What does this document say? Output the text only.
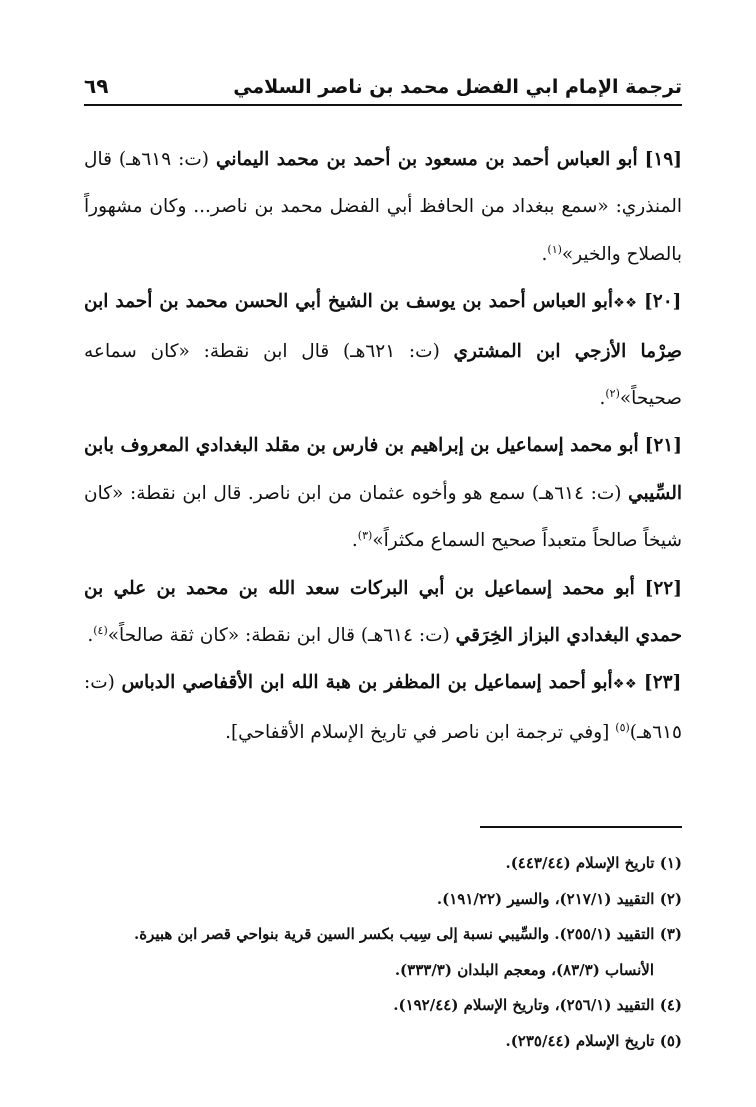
ترجمة الإمام ابي الفضل محمد بن ناصر السلامي
٦٩

[١٩] أبو العباس أحمد بن مسعود بن أحمد بن محمد اليماني (ت: ٦١٩هـ) قال المنذري: «سمع ببغداد من الحافظ أبي الفضل محمد بن ناصر... وكان مشهوراً بالصلاح والخير»$^{(١)}$.

[٢٠] ❖❖أبو العباس أحمد بن يوسف بن الشيخ أبي الحسن محمد بن أحمد ابن صِرْما الأزجي ابن المشتري (ت: ٦٢١هـ) قال ابن نقطة: «كان سماعه صحيحاً»$^{(٢)}$.

[٢١] أبو محمد إسماعيل بن إبراهيم بن فارس بن مقلد البغدادي المعروف بابن السِّيبي (ت: ٦١٤هـ) سمع هو وأخوه عثمان من ابن ناصر. قال ابن نقطة: «كان شيخاً صالحاً متعبداً صحيح السماع مكثراً»$^{(٣)}$.

[٢٢] أبو محمد إسماعيل بن أبي البركات سعد الله بن محمد بن علي بن حمدي البغدادي البزاز الخِرَقي (ت: ٦١٤هـ) قال ابن نقطة: «كان ثقة صالحاً»$^{(٤)}$.

[٢٣] ❖❖أبو أحمد إسماعيل بن المظفر بن هبة الله ابن الأقفاصي الدباس (ت: ٦١٥هـ)$^{(٥)}$ [وفي ترجمة ابن ناصر في تاريخ الإسلام الأقفاحي].

(١) تاريخ الإسلام (٤٤٣/٤٤).

(٢) التقييد (٢١٧/١)، والسير (١٩١/٢٢).

(٣) التقييد (٢٥٥/١). والسِّيبي نسبة إلى سِيب بكسر السين قرية بنواحي قصر ابن هبيرة.

الأنساب (٨٣/٣)، ومعجم البلدان (٣٣٣/٣).

(٤) التقييد (٢٥٦/١)، وتاريخ الإسلام (١٩٢/٤٤).

(٥) تاريخ الإسلام (٢٣٥/٤٤).
